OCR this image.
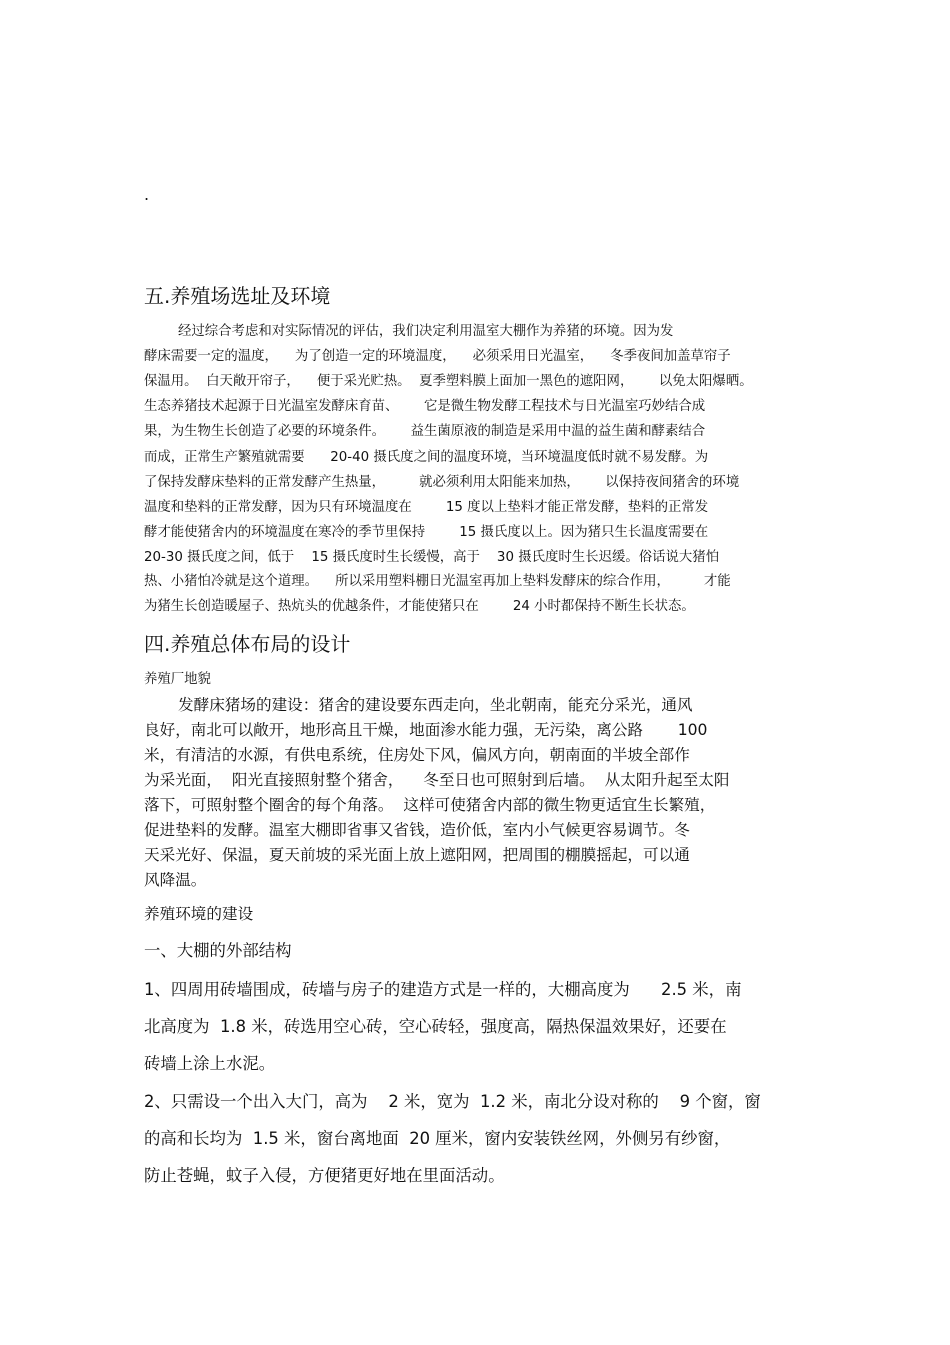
.
五.养殖场选址及环境
经过综合考虑和对实际情况的评估，我们决定利用温室大棚作为养猪的环境。因为发
酵床需要一定的温度，    为了创造一定的环境温度，    必须采用日光温室，    冬季夜间加盖草帘子
保温用。  白天敞开帘子，    便于采光贮热。  夏季塑料膜上面加一黑色的遮阳网，      以免太阳爆晒。
生态养猪技术起源于日光温室发酵床育苗、      它是微生物发酵工程技术与日光温室巧妙结合成
果，为生物生长创造了必要的环境条件。      益生菌原液的制造是采用中温的益生菌和酵素结合
而成，正常生产繁殖就需要      20-40 摄氏度之间的温度环境，当环境温度低时就不易发酵。为
了保持发酵床垫料的正常发酵产生热量，        就必须利用太阳能来加热，      以保持夜间猪舍的环境
温度和垫料的正常发酵，因为只有环境温度在        15 度以上垫料才能正常发酵，垫料的正常发
酵才能使猪舍内的环境温度在寒冷的季节里保持        15 摄氏度以上。因为猪只生长温度需要在
20-30 摄氏度之间，低于    15 摄氏度时生长缓慢，高于    30 摄氏度时生长迟缓。俗话说大猪怕
热、小猪怕冷就是这个道理。    所以采用塑料棚日光温室再加上垫料发酵床的综合作用，        才能
为猪生长创造暖屋子、热炕头的优越条件，才能使猪只在        24 小时都保持不断生长状态。
四.养殖总体布局的设计
养殖厂地貌
发酵床猪场的建设：猪舍的建设要东西走向，坐北朝南，能充分采光，通风
良好，南北可以敞开，地形高且干燥，地面渗水能力强，无污染，离公路       100
米，有清洁的水源，有供电系统，住房处下风，偏风方向，朝南面的半坡全部作
为采光面，  阳光直接照射整个猪舍，    冬至日也可照射到后墙。  从太阳升起至太阳
落下，可照射整个圈舍的每个角落。  这样可使猪舍内部的微生物更适宜生长繁殖，
促进垫料的发酵。温室大棚即省事又省钱，造价低，室内小气候更容易调节。冬
天采光好、保温，夏天前坡的采光面上放上遮阳网，把周围的棚膜摇起，可以通
风降温。
养殖环境的建设
一、大棚的外部结构
1、四周用砖墙围成，砖墙与房子的建造方式是一样的，大棚高度为      2.5 米，南
北高度为  1.8 米，砖选用空心砖，空心砖轻，强度高，隔热保温效果好，还要在
砖墙上涂上水泥。
2、只需设一个出入大门，高为    2 米，宽为  1.2 米，南北分设对称的    9 个窗，窗
的高和长均为  1.5 米，窗台离地面  20 厘米，窗内安装铁丝网，外侧另有纱窗，
防止苍蝇，蚊子入侵，方便猪更好地在里面活动。
